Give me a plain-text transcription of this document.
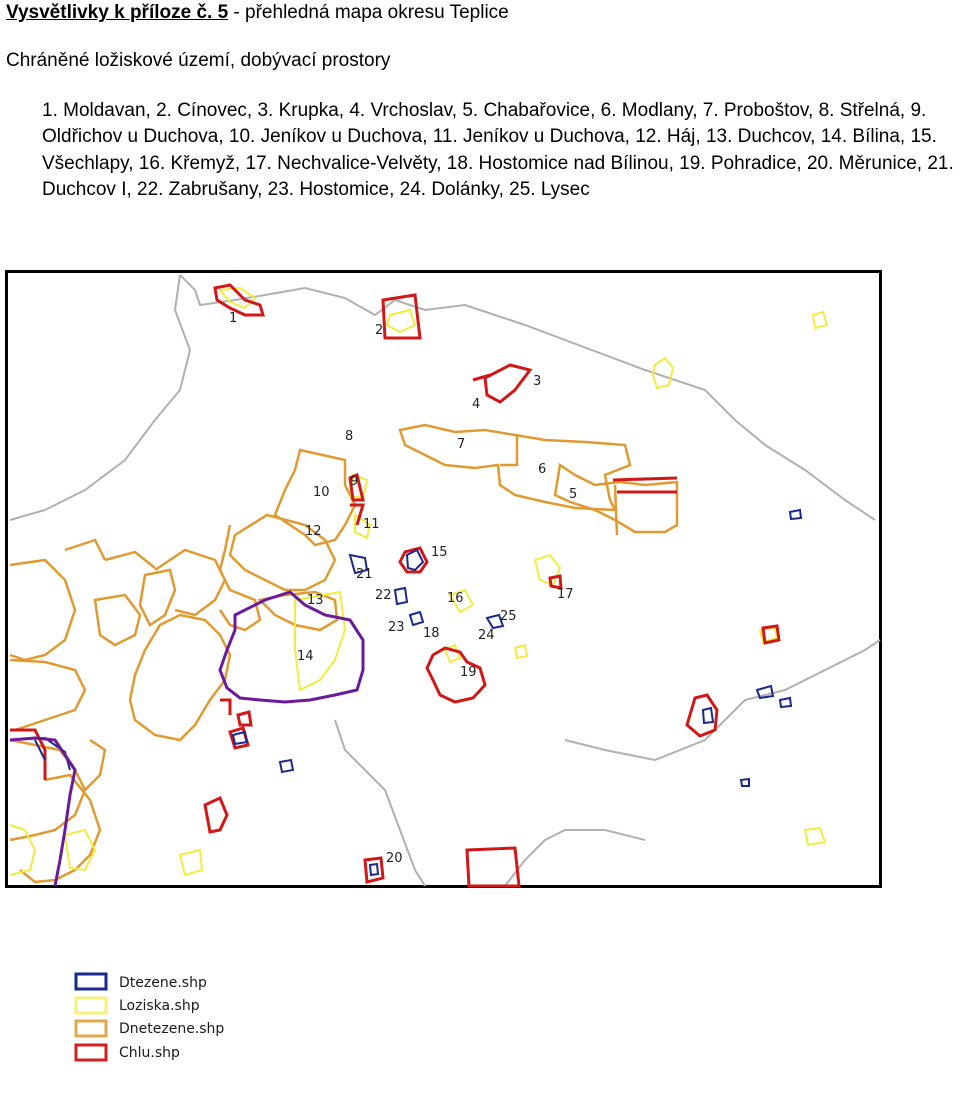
Vysvětlivky k příloze č. 5 - přehledná mapa okresu Teplice
Chráněné ložiskové území, dobývací prostory
1. Moldavan, 2. Cínovec, 3. Krupka, 4. Vrchoslav, 5. Chabařovice, 6. Modlany, 7. Proboštov, 8. Střelná, 9. Oldřichov u Duchova, 10. Jeníkov u Duchova, 11. Jeníkov u Duchova, 12. Háj, 13. Duchcov, 14. Bílina, 15. Všechlapy, 16. Křemyž, 17. Nechvalice-Velvěty, 18. Hostomice nad Bílinou, 19. Pohradice, 20. Měrunice, 21. Duchcov I, 22. Zabrušany, 23. Hostomice, 24. Dolánky, 25. Lysec
1
2
3
4
5
6
7
8
9
10
11
12
13
14
15
16	17
18
19
20
21
22
23
24
25
Dtezene.shp
Loziska.shp
Dnetezene.shp
Chlu.shp
